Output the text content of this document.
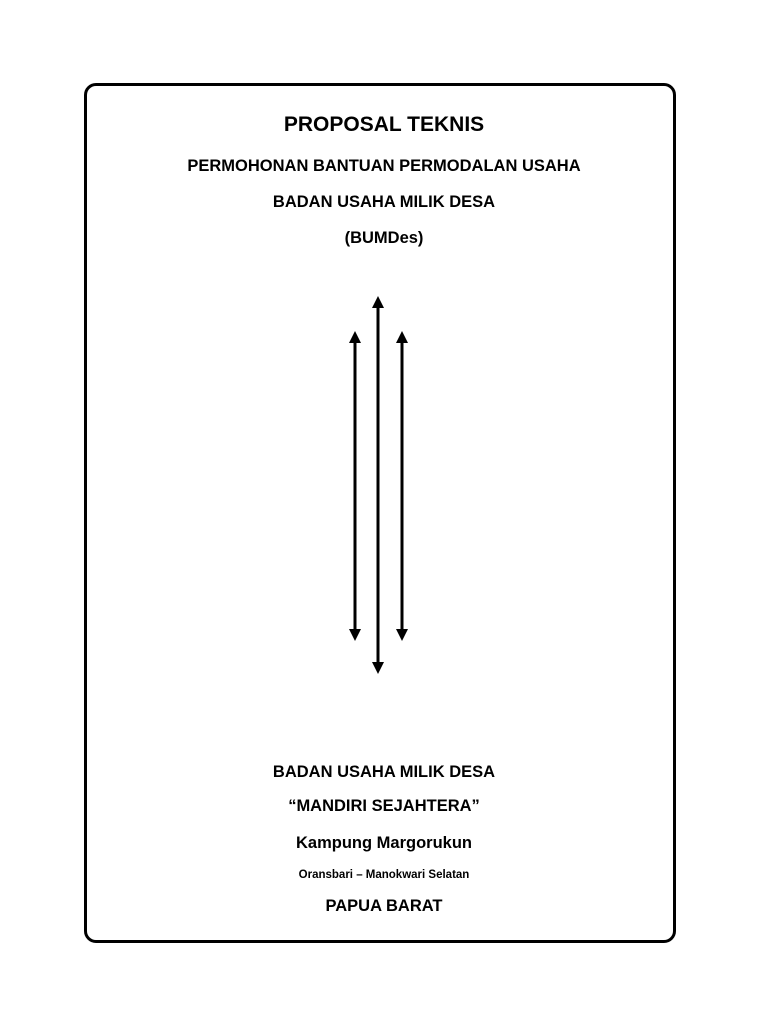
PROPOSAL TEKNIS
PERMOHONAN BANTUAN PERMODALAN USAHA
BADAN USAHA MILIK DESA
(BUMDes)
BADAN USAHA MILIK DESA
“MANDIRI SEJAHTERA”
Kampung Margorukun
Oransbari – Manokwari Selatan
PAPUA BARAT
